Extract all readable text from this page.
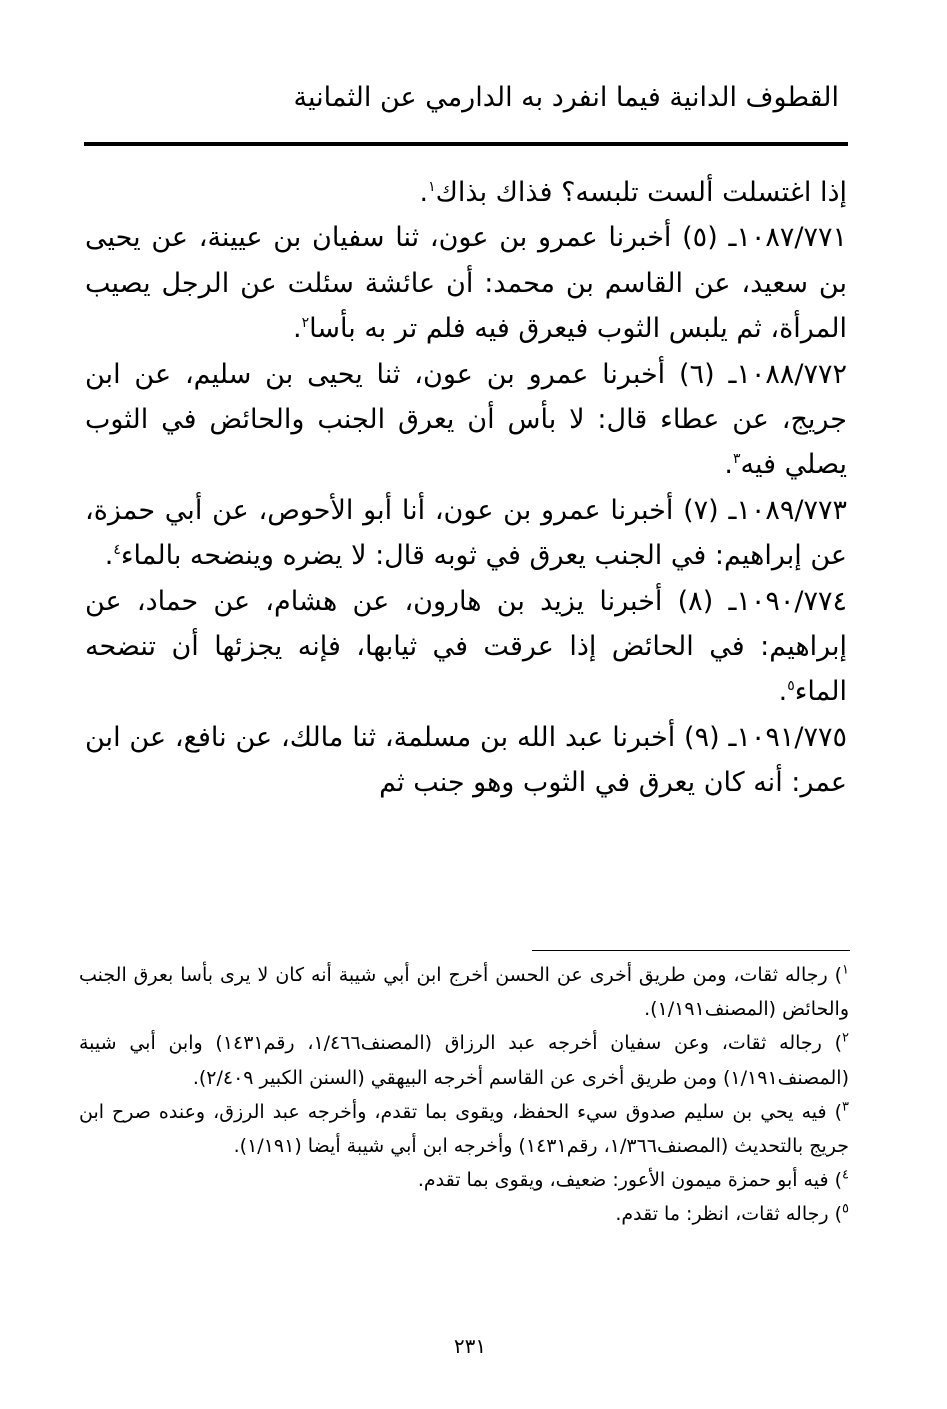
القطوف الدانية فيما انفرد به الدارمي عن الثمانية

إذا اغتسلت ألست تلبسه؟ فذاك بذاك$^١$.

١٠٨٧/٧٧١ـ (٥) أخبرنا عمرو بن عون، ثنا سفيان بن عيينة، عن يحيى بن سعيد، عن القاسم بن محمد: أن عائشة سئلت عن الرجل يصيب المرأة، ثم يلبس الثوب فيعرق فيه فلم تر به بأسا$^٢$.

١٠٨٨/٧٧٢ـ (٦) أخبرنا عمرو بن عون، ثنا يحيى بن سليم، عن ابن جريج، عن عطاء قال: لا بأس أن يعرق الجنب والحائض في الثوب يصلي فيه$^٣$.

١٠٨٩/٧٧٣ـ (٧) أخبرنا عمرو بن عون، أنا أبو الأحوص، عن أبي حمزة، عن إبراهيم: في الجنب يعرق في ثوبه قال: لا يضره وينضحه بالماء$^٤$.

١٠٩٠/٧٧٤ـ (٨) أخبرنا يزيد بن هارون، عن هشام، عن حماد، عن إبراهيم: في الحائض إذا عرقت في ثيابها، فإنه يجزئها أن تنضحه الماء$^٥$.

١٠٩١/٧٧٥ـ (٩) أخبرنا عبد الله بن مسلمة، ثنا مالك، عن نافع، عن ابن عمر: أنه كان يعرق في الثوب وهو جنب ثم

$^١$) رجاله ثقات، ومن طريق أخرى عن الحسن أخرج ابن أبي شيبة أنه كان لا يرى بأسا بعرق الجنب والحائض (المصنف١/١٩١).

$^٢$) رجاله ثقات، وعن سفيان أخرجه عبد الرزاق (المصنف١/٤٦٦، رقم١٤٣١) وابن أبي شيبة (المصنف١/١٩١) ومن طريق أخرى عن القاسم أخرجه البيهقي (السنن الكبير ٢/٤٠٩).

$^٣$) فيه يحي بن سليم صدوق سيء الحفظ، ويقوى بما تقدم، وأخرجه عبد الرزق، وعنده صرح ابن جريج بالتحديث (المصنف١/٣٦٦، رقم١٤٣١) وأخرجه ابن أبي شيبة أيضا (١/١٩١).

$^٤$) فيه أبو حمزة ميمون الأعور: ضعيف، ويقوى بما تقدم.

$^٥$) رجاله ثقات، انظر: ما تقدم.

٢٣١
